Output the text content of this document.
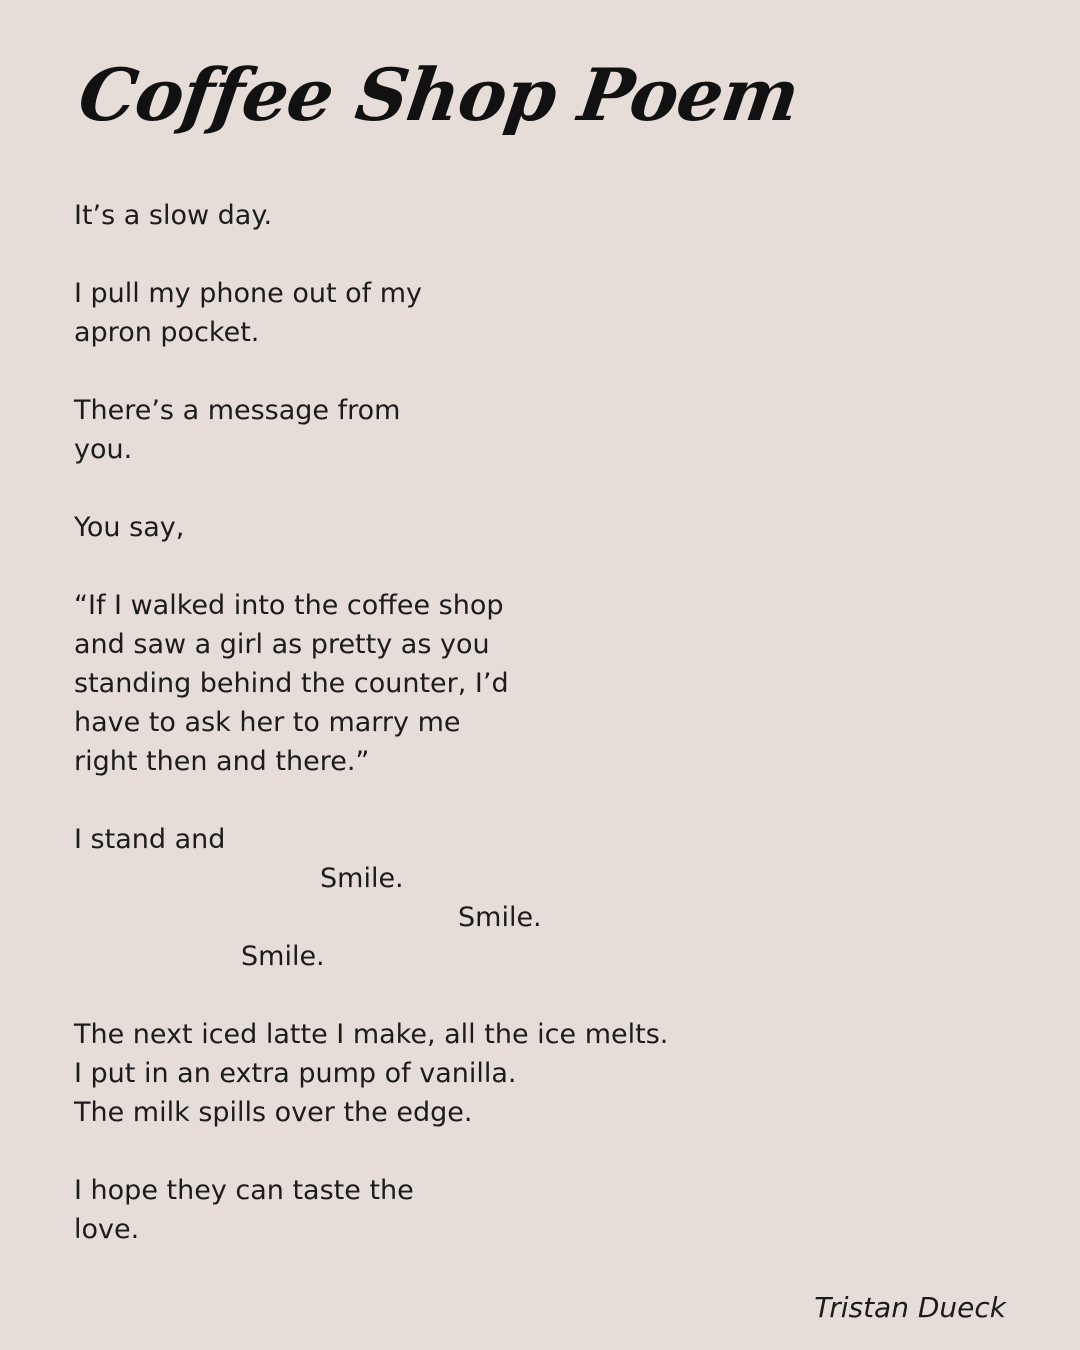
Coffee Shop Poem
It’s a slow day.
I pull my phone out of my
apron pocket.
There’s a message from
you.
You say,
“If I walked into the coffee shop
and saw a girl as pretty as you
standing behind the counter, I’d
have to ask her to marry me
right then and there.”
I stand and
Smile.
Smile.
Smile.
The next iced latte I make, all the ice melts.
I put in an extra pump of vanilla.
The milk spills over the edge.
I hope they can taste the
love.
Tristan Dueck
